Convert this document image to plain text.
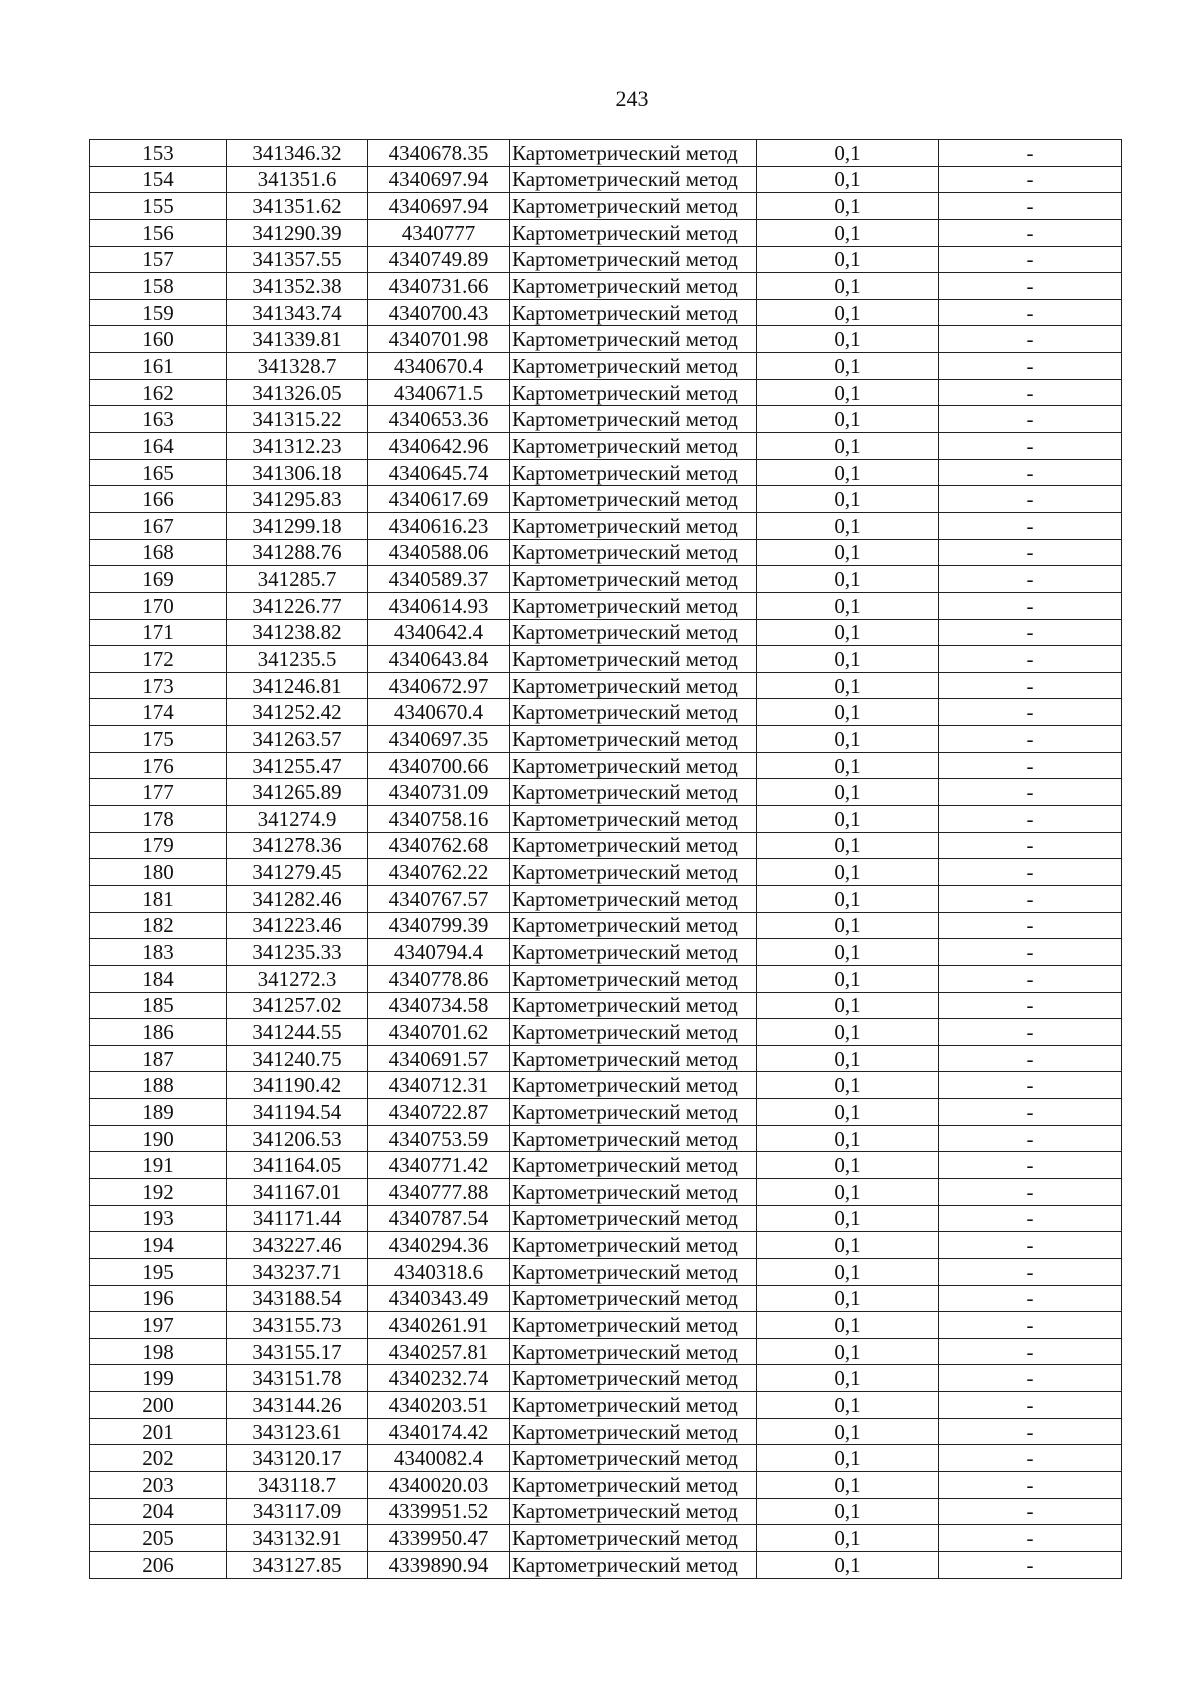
243
153	341346.32	4340678.35	Картометрический метод	0,1	-
154	341351.6	4340697.94	Картометрический метод	0,1	-
155	341351.62	4340697.94	Картометрический метод	0,1	-
156	341290.39	4340777	Картометрический метод	0,1	-
157	341357.55	4340749.89	Картометрический метод	0,1	-
158	341352.38	4340731.66	Картометрический метод	0,1	-
159	341343.74	4340700.43	Картометрический метод	0,1	-
160	341339.81	4340701.98	Картометрический метод	0,1	-
161	341328.7	4340670.4	Картометрический метод	0,1	-
162	341326.05	4340671.5	Картометрический метод	0,1	-
163	341315.22	4340653.36	Картометрический метод	0,1	-
164	341312.23	4340642.96	Картометрический метод	0,1	-
165	341306.18	4340645.74	Картометрический метод	0,1	-
166	341295.83	4340617.69	Картометрический метод	0,1	-
167	341299.18	4340616.23	Картометрический метод	0,1	-
168	341288.76	4340588.06	Картометрический метод	0,1	-
169	341285.7	4340589.37	Картометрический метод	0,1	-
170	341226.77	4340614.93	Картометрический метод	0,1	-
171	341238.82	4340642.4	Картометрический метод	0,1	-
172	341235.5	4340643.84	Картометрический метод	0,1	-
173	341246.81	4340672.97	Картометрический метод	0,1	-
174	341252.42	4340670.4	Картометрический метод	0,1	-
175	341263.57	4340697.35	Картометрический метод	0,1	-
176	341255.47	4340700.66	Картометрический метод	0,1	-
177	341265.89	4340731.09	Картометрический метод	0,1	-
178	341274.9	4340758.16	Картометрический метод	0,1	-
179	341278.36	4340762.68	Картометрический метод	0,1	-
180	341279.45	4340762.22	Картометрический метод	0,1	-
181	341282.46	4340767.57	Картометрический метод	0,1	-
182	341223.46	4340799.39	Картометрический метод	0,1	-
183	341235.33	4340794.4	Картометрический метод	0,1	-
184	341272.3	4340778.86	Картометрический метод	0,1	-
185	341257.02	4340734.58	Картометрический метод	0,1	-
186	341244.55	4340701.62	Картометрический метод	0,1	-
187	341240.75	4340691.57	Картометрический метод	0,1	-
188	341190.42	4340712.31	Картометрический метод	0,1	-
189	341194.54	4340722.87	Картометрический метод	0,1	-
190	341206.53	4340753.59	Картометрический метод	0,1	-
191	341164.05	4340771.42	Картометрический метод	0,1	-
192	341167.01	4340777.88	Картометрический метод	0,1	-
193	341171.44	4340787.54	Картометрический метод	0,1	-
194	343227.46	4340294.36	Картометрический метод	0,1	-
195	343237.71	4340318.6	Картометрический метод	0,1	-
196	343188.54	4340343.49	Картометрический метод	0,1	-
197	343155.73	4340261.91	Картометрический метод	0,1	-
198	343155.17	4340257.81	Картометрический метод	0,1	-
199	343151.78	4340232.74	Картометрический метод	0,1	-
200	343144.26	4340203.51	Картометрический метод	0,1	-
201	343123.61	4340174.42	Картометрический метод	0,1	-
202	343120.17	4340082.4	Картометрический метод	0,1	-
203	343118.7	4340020.03	Картометрический метод	0,1	-
204	343117.09	4339951.52	Картометрический метод	0,1	-
205	343132.91	4339950.47	Картометрический метод	0,1	-
206	343127.85	4339890.94	Картометрический метод	0,1	-
